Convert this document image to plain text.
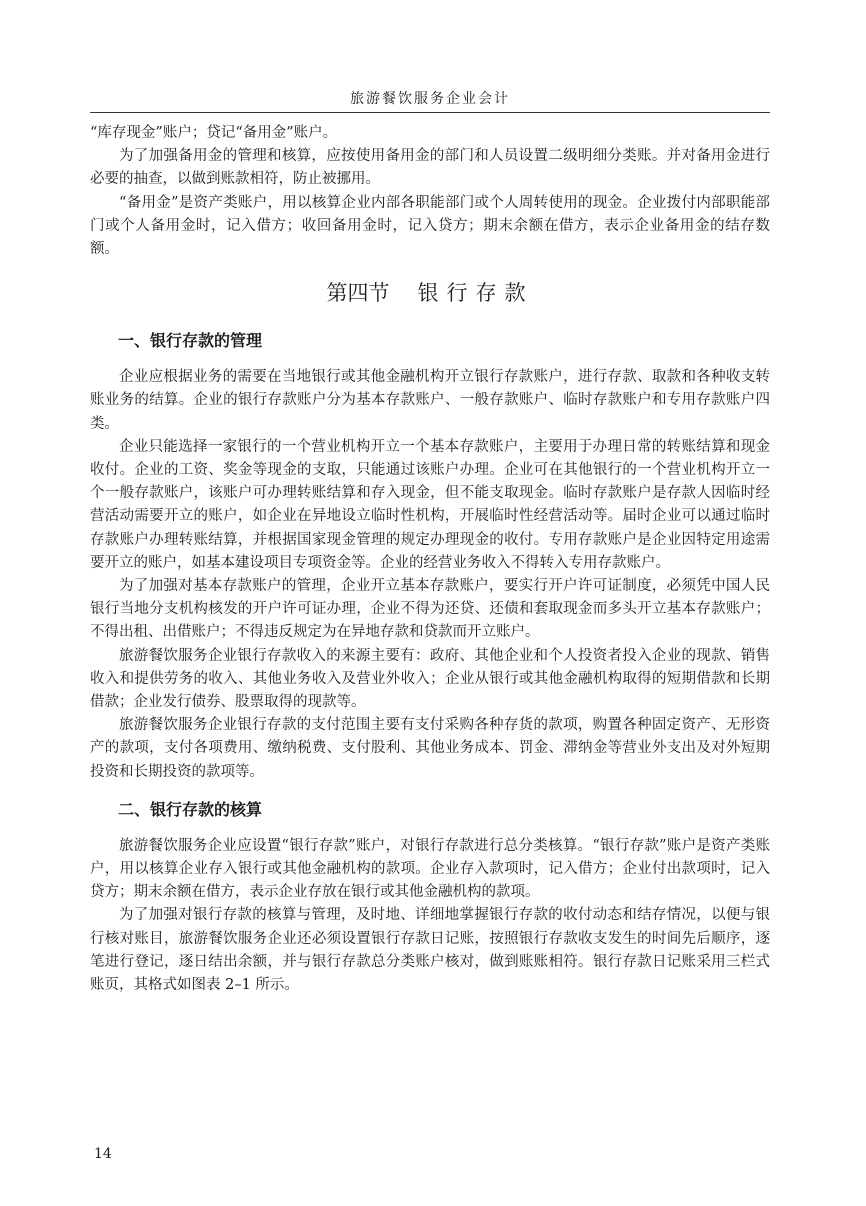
旅游餐饮服务企业会计

“库存现金”账户；贷记“备用金”账户。

为了加强备用金的管理和核算，应按使用备用金的部门和人员设置二级明细分类账。并对备用金进行必要的抽查，以做到账款相符，防止被挪用。

“备用金”是资产类账户，用以核算企业内部各职能部门或个人周转使用的现金。企业拨付内部职能部门或个人备用金时，记入借方；收回备用金时，记入贷方；期末余额在借方，表示企业备用金的结存数额。

第四节 银行存款
一、银行存款的管理

企业应根据业务的需要在当地银行或其他金融机构开立银行存款账户，进行存款、取款和各种收支转账业务的结算。企业的银行存款账户分为基本存款账户、一般存款账户、临时存款账户和专用存款账户四类。

企业只能选择一家银行的一个营业机构开立一个基本存款账户，主要用于办理日常的转账结算和现金收付。企业的工资、奖金等现金的支取，只能通过该账户办理。企业可在其他银行的一个营业机构开立一个一般存款账户，该账户可办理转账结算和存入现金，但不能支取现金。临时存款账户是存款人因临时经营活动需要开立的账户，如企业在异地设立临时性机构，开展临时性经营活动等。届时企业可以通过临时存款账户办理转账结算，并根据国家现金管理的规定办理现金的收付。专用存款账户是企业因特定用途需要开立的账户，如基本建设项目专项资金等。企业的经营业务收入不得转入专用存款账户。

为了加强对基本存款账户的管理，企业开立基本存款账户，要实行开户许可证制度，必须凭中国人民银行当地分支机构核发的开户许可证办理，企业不得为还贷、还债和套取现金而多头开立基本存款账户；不得出租、出借账户；不得违反规定为在异地存款和贷款而开立账户。

旅游餐饮服务企业银行存款收入的来源主要有：政府、其他企业和个人投资者投入企业的现款、销售收入和提供劳务的收入、其他业务收入及营业外收入；企业从银行或其他金融机构取得的短期借款和长期借款；企业发行债券、股票取得的现款等。

旅游餐饮服务企业银行存款的支付范围主要有支付采购各种存货的款项，购置各种固定资产、无形资产的款项，支付各项费用、缴纳税费、支付股利、其他业务成本、罚金、滞纳金等营业外支出及对外短期投资和长期投资的款项等。

二、银行存款的核算

旅游餐饮服务企业应设置“银行存款”账户，对银行存款进行总分类核算。“银行存款”账户是资产类账户，用以核算企业存入银行或其他金融机构的款项。企业存入款项时，记入借方；企业付出款项时，记入贷方；期末余额在借方，表示企业存放在银行或其他金融机构的款项。

为了加强对银行存款的核算与管理，及时地、详细地掌握银行存款的收付动态和结存情况，以便与银行核对账目，旅游餐饮服务企业还必须设置银行存款日记账，按照银行存款收支发生的时间先后顺序，逐笔进行登记，逐日结出余额，并与银行存款总分类账户核对，做到账账相符。银行存款日记账采用三栏式账页，其格式如图表 2–1 所示。

14
